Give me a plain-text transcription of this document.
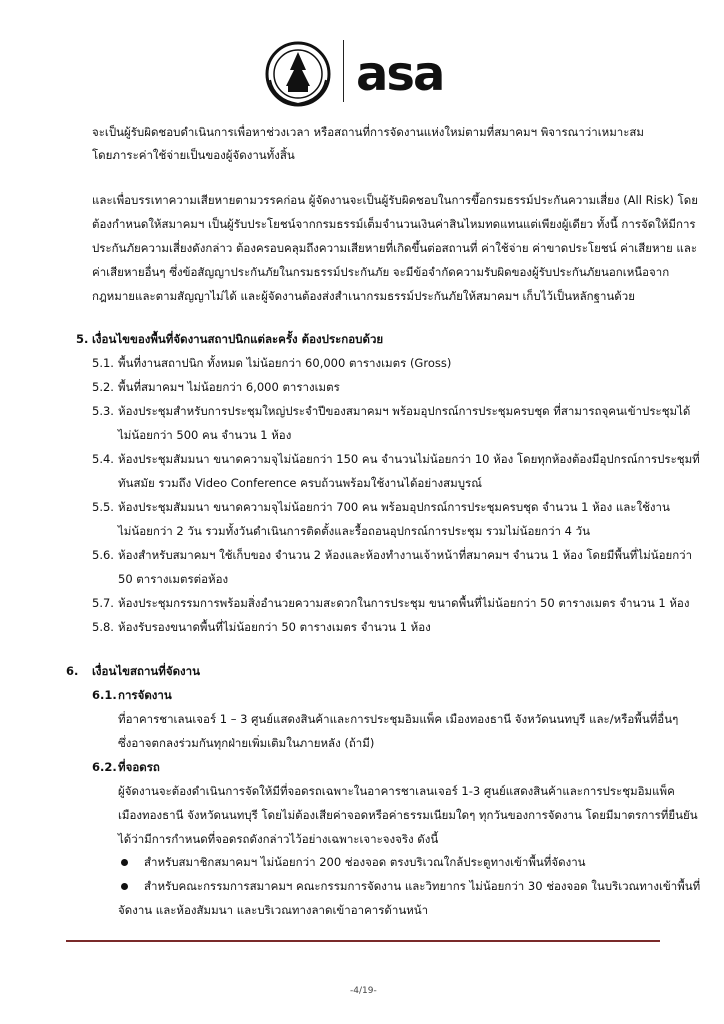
asa
จะเป็นผู้รับผิดชอบดำเนินการเพื่อหาช่วงเวลา หรือสถานที่การจัดงานแห่งใหม่ตามที่สมาคมฯ พิจารณาว่าเหมาะสม
โดยภาระค่าใช้จ่ายเป็นของผู้จัดงานทั้งสิ้น
และเพื่อบรรเทาความเสียหายตามวรรคก่อน ผู้จัดงานจะเป็นผู้รับผิดชอบในการขึ้อกรมธรรม์ประกันความเสี่ยง (All Risk) โดย
ต้องกำหนดให้สมาคมฯ เป็นผู้รับประโยชน์จากกรมธรรม์เต็มจำนวนเงินค่าสินไหมทดแทนแต่เพียงผู้เดียว ทั้งนี้ การจัดให้มีการ
ประกันภัยความเสี่ยงดังกล่าว ต้องครอบคลุมถึงความเสียหายที่เกิดขึ้นต่อสถานที่ ค่าใช้จ่าย ค่าขาดประโยชน์ ค่าเสียหาย และ
ค่าเสียหายอื่นๆ ซึ่งข้อสัญญาประกันภัยในกรมธรรม์ประกันภัย จะมีข้อจำกัดความรับผิดของผู้รับประกันภัยนอกเหนือจาก
กฎหมายและตามสัญญาไม่ได้ และผู้จัดงานต้องส่งสำเนากรมธรรม์ประกันภัยให้สมาคมฯ เก็บไว้เป็นหลักฐานด้วย
5. เงื่อนไขของพื้นที่จัดงานสถาปนิกแต่ละครั้ง ต้องประกอบด้วย
5.1. พื้นที่งานสถาปนิก ทั้งหมด ไม่น้อยกว่า 60,000 ตารางเมตร (Gross)
5.2. พื้นที่สมาคมฯ ไม่น้อยกว่า 6,000 ตารางเมตร
5.3. ห้องประชุมสำหรับการประชุมใหญ่ประจำปีของสมาคมฯ พร้อมอุปกรณ์การประชุมครบชุด ที่สามารถจุคนเข้าประชุมได้
ไม่น้อยกว่า 500 คน จำนวน 1 ห้อง
5.4. ห้องประชุมสัมมนา ขนาดความจุไม่น้อยกว่า 150 คน จำนวนไม่น้อยกว่า 10 ห้อง โดยทุกห้องต้องมีอุปกรณ์การประชุมที่
ทันสมัย รวมถึง Video Conference ครบถ้วนพร้อมใช้งานได้อย่างสมบูรณ์
5.5. ห้องประชุมสัมมนา ขนาดความจุไม่น้อยกว่า 700 คน พร้อมอุปกรณ์การประชุมครบชุด จำนวน 1 ห้อง และใช้งาน
ไม่น้อยกว่า 2 วัน รวมทั้งวันดำเนินการติดตั้งและรื้อถอนอุปกรณ์การประชุม รวมไม่น้อยกว่า 4 วัน
5.6. ห้องสำหรับสมาคมฯ ใช้เก็บของ จำนวน 2 ห้องและห้องทำงานเจ้าหน้าที่สมาคมฯ จำนวน 1 ห้อง โดยมีพื้นที่ไม่น้อยกว่า
50 ตารางเมตรต่อห้อง
5.7. ห้องประชุมกรรมการพร้อมสิ่งอำนวยความสะดวกในการประชุม ขนาดพื้นที่ไม่น้อยกว่า 50 ตารางเมตร จำนวน 1 ห้อง
5.8. ห้องรับรองขนาดพื้นที่ไม่น้อยกว่า 50 ตารางเมตร จำนวน 1 ห้อง
6. เงื่อนไขสถานที่จัดงาน
6.1. การจัดงาน
ที่อาคารชาเลนเจอร์ 1 – 3 ศูนย์แสดงสินค้าและการประชุมอิมแพ็ค เมืองทองธานี จังหวัดนนทบุรี และ/หรือพื้นที่อื่นๆ
ซึ่งอาจตกลงร่วมกันทุกฝ่ายเพิ่มเติมในภายหลัง (ถ้ามี)
6.2. ที่จอดรถ
ผู้จัดงานจะต้องดำเนินการจัดให้มีที่จอดรถเฉพาะในอาคารชาเลนเจอร์ 1-3 ศูนย์แสดงสินค้าและการประชุมอิมแพ็ค
เมืองทองธานี จังหวัดนนทบุรี โดยไม่ต้องเสียค่าจอดหรือค่าธรรมเนียมใดๆ ทุกวันของการจัดงาน โดยมีมาตรการที่ยืนยัน
ได้ว่ามีการกำหนดที่จอดรถดังกล่าวไว้อย่างเฉพาะเจาะจงจริง ดังนี้
สำหรับสมาชิกสมาคมฯ ไม่น้อยกว่า 200 ช่องจอด ตรงบริเวณใกล้ประตูทางเข้าพื้นที่จัดงาน
สำหรับคณะกรรมการสมาคมฯ คณะกรรมการจัดงาน และวิทยากร ไม่น้อยกว่า 30 ช่องจอด ในบริเวณทางเข้าพื้นที่
จัดงาน และห้องสัมมนา และบริเวณทางลาดเข้าอาคารด้านหน้า
-4/19-
